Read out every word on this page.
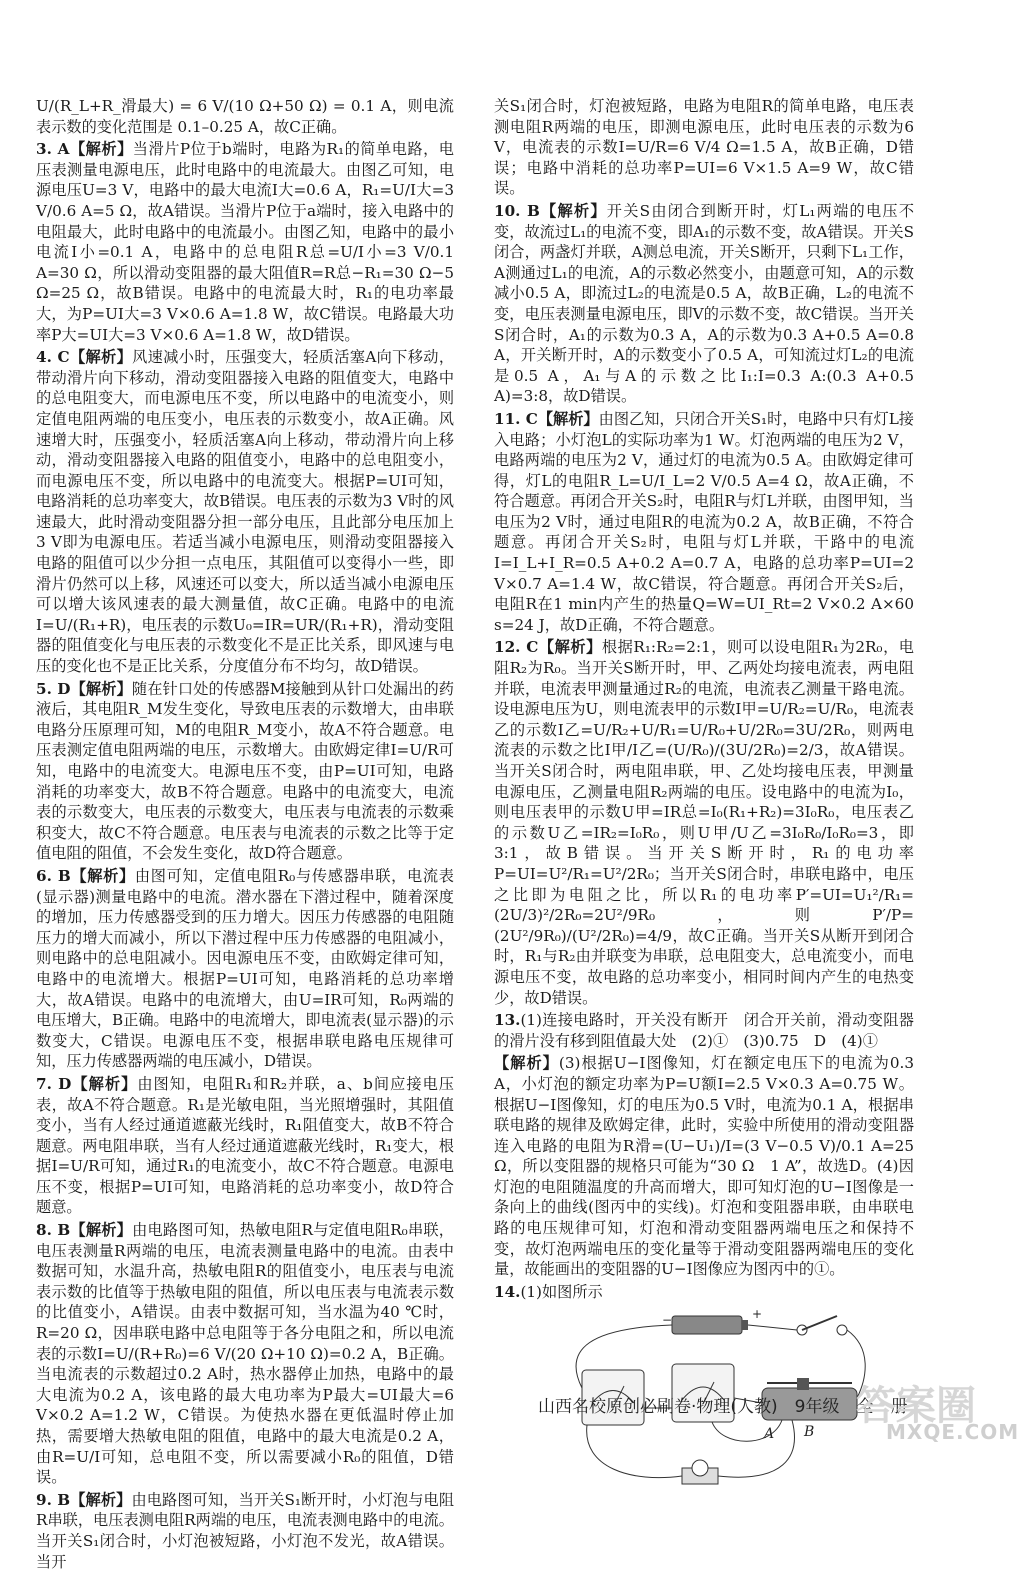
U/(R_L+R_滑最大) = 6 V/(10 Ω+50 Ω) = 0.1 A，则电流表示数的变化范围是 0.1–0.25 A，故C正确。

3. A【解析】当滑片P位于b端时，电路为R₁的简单电路，电压表测量电源电压，此时电路中的电流最大。由图乙可知，电源电压U=3 V，电路中的最大电流I大=0.6 A，R₁=U/I大=3 V/0.6 A=5 Ω，故A错误。当滑片P位于a端时，接入电路中的电阻最大，此时电路中的电流最小。由图乙知，电路中的最小电流I小=0.1 A，电路中的总电阻R总=U/I小=3 V/0.1 A=30 Ω，所以滑动变阻器的最大阻值R=R总−R₁=30 Ω−5 Ω=25 Ω，故B错误。电路中的电流最大时，R₁的电功率最大，为P=UI大=3 V×0.6 A=1.8 W，故C错误。电路最大功率P大=UI大=3 V×0.6 A=1.8 W，故D错误。

4. C【解析】风速减小时，压强变大，轻质活塞A向下移动，带动滑片向下移动，滑动变阻器接入电路的阻值变大，电路中的总电阻变大，而电源电压不变，所以电路中的电流变小，则定值电阻两端的电压变小，电压表的示数变小，故A正确。风速增大时，压强变小，轻质活塞A向上移动，带动滑片向上移动，滑动变阻器接入电路的阻值变小，电路中的总电阻变小，而电源电压不变，所以电路中的电流变大。根据P=UI可知，电路消耗的总功率变大，故B错误。电压表的示数为3 V时的风速最大，此时滑动变阻器分担一部分电压，且此部分电压加上3 V即为电源电压。若适当减小电源电压，则滑动变阻器接入电路的阻值可以少分担一点电压，其阻值可以变得小一些，即滑片仍然可以上移，风速还可以变大，所以适当减小电源电压可以增大该风速表的最大测量值，故C正确。电路中的电流I=U/(R₁+R)，电压表的示数U₀=IR=UR/(R₁+R)，滑动变阻器的阻值变化与电压表的示数变化不是正比关系，即风速与电压的变化也不是正比关系，分度值分布不均匀，故D错误。

5. D【解析】随在针口处的传感器M接触到从针口处漏出的药液后，其电阻R_M发生变化，导致电压表的示数增大，由串联电路分压原理可知，M的电阻R_M变小，故A不符合题意。电压表测定值电阻两端的电压，示数增大。由欧姆定律I=U/R可知，电路中的电流变大。电源电压不变，由P=UI可知，电路消耗的功率变大，故B不符合题意。电路中的电流变大，电流表的示数变大，电压表的示数变大，电压表与电流表的示数乘积变大，故C不符合题意。电压表与电流表的示数之比等于定值电阻的阻值，不会发生变化，故D符合题意。

6. B【解析】由图可知，定值电阻R₀与传感器串联，电流表(显示器)测量电路中的电流。潜水器在下潜过程中，随着深度的增加，压力传感器受到的压力增大。因压力传感器的电阻随压力的增大而减小，所以下潜过程中压力传感器的电阻减小，则电路中的总电阻减小。因电源电压不变，由欧姆定律可知，电路中的电流增大。根据P=UI可知，电路消耗的总功率增大，故A错误。电路中的电流增大，由U=IR可知，R₀两端的电压增大，B正确。电路中的电流增大，即电流表(显示器)的示数变大，C错误。电源电压不变，根据串联电路电压规律可知，压力传感器两端的电压减小，D错误。

7. D【解析】由图知，电阻R₁和R₂并联，a、b间应接电压表，故A不符合题意。R₁是光敏电阻，当光照增强时，其阻值变小，当有人经过通道遮蔽光线时，R₁阻值变大，故B不符合题意。两电阻串联，当有人经过通道遮蔽光线时，R₁变大，根据I=U/R可知，通过R₁的电流变小，故C不符合题意。电源电压不变，根据P=UI可知，电路消耗的总功率变小，故D符合题意。

8. B【解析】由电路图可知，热敏电阻R与定值电阻R₀串联，电压表测量R两端的电压，电流表测量电路中的电流。由表中数据可知，水温升高，热敏电阻R的阻值变小，电压表与电流表示数的比值等于热敏电阻的阻值，所以电压表与电流表示数的比值变小，A错误。由表中数据可知，当水温为40 ℃时，R=20 Ω，因串联电路中总电阻等于各分电阻之和，所以电流表的示数I=U/(R+R₀)=6 V/(20 Ω+10 Ω)=0.2 A，B正确。当电流表的示数超过0.2 A时，热水器停止加热，电路中的最大电流为0.2 A，该电路的最大电功率为P最大=UI最大=6 V×0.2 A=1.2 W，C错误。为使热水器在更低温时停止加热，需要增大热敏电阻的阻值，电路中的最大电流是0.2 A，由R=U/I可知，总电阻不变，所以需要减小R₀的阻值，D错误。

9. B【解析】由电路图可知，当开关S₁断开时，小灯泡与电阻R串联，电压表测电阻R两端的电压，电流表测电路中的电流。当开关S₁闭合时，小灯泡被短路，小灯泡不发光，故A错误。当开

关S₁闭合时，灯泡被短路，电路为电阻R的简单电路，电压表测电阻R两端的电压，即测电源电压，此时电压表的示数为6 V，电流表的示数I=U/R=6 V/4 Ω=1.5 A，故B正确，D错误；电路中消耗的总功率P=UI=6 V×1.5 A=9 W，故C错误。

10. B【解析】开关S由闭合到断开时，灯L₁两端的电压不变，故流过L₁的电流不变，即A₁的示数不变，故A错误。开关S闭合，两盏灯并联，A测总电流，开关S断开，只剩下L₁工作，A测通过L₁的电流，A的示数必然变小，由题意可知，A的示数减小0.5 A，即流过L₂的电流是0.5 A，故B正确，L₂的电流不变，电压表测量电源电压，即V的示数不变，故C错误。当开关S闭合时，A₁的示数为0.3 A，A的示数为0.3 A+0.5 A=0.8 A，开关断开时，A的示数变小了0.5 A，可知流过灯L₂的电流是0.5 A，A₁与A的示数之比I₁:I=0.3 A:(0.3 A+0.5 A)=3:8，故D错误。

11. C【解析】由图乙知，只闭合开关S₁时，电路中只有灯L接入电路；小灯泡L的实际功率为1 W。灯泡两端的电压为2 V，电路两端的电压为2 V，通过灯的电流为0.5 A。由欧姆定律可得，灯L的电阻R_L=U/I_L=2 V/0.5 A=4 Ω，故A正确，不符合题意。再闭合开关S₂时，电阻R与灯L并联，由图甲知，当电压为2 V时，通过电阻R的电流为0.2 A，故B正确，不符合题意。再闭合开关S₂时，电阻与灯L并联，干路中的电流I=I_L+I_R=0.5 A+0.2 A=0.7 A，电路的总功率P=UI=2 V×0.7 A=1.4 W，故C错误，符合题意。再闭合开关S₂后，电阻R在1 min内产生的热量Q=W=UI_Rt=2 V×0.2 A×60 s=24 J，故D正确，不符合题意。

12. C【解析】根据R₁:R₂=2:1，则可以设电阻R₁为2R₀，电阻R₂为R₀。当开关S断开时，甲、乙两处均接电流表，两电阻并联，电流表甲测量通过R₂的电流，电流表乙测量干路电流。设电源电压为U，则电流表甲的示数I甲=U/R₂=U/R₀，电流表乙的示数I乙=U/R₂+U/R₁=U/R₀+U/2R₀=3U/2R₀，则两电流表的示数之比I甲/I乙=(U/R₀)/(3U/2R₀)=2/3，故A错误。当开关S闭合时，两电阻串联，甲、乙处均接电压表，甲测量电源电压，乙测量电阻R₂两端的电压。设电路中的电流为I₀，则电压表甲的示数U甲=IR总=I₀(R₁+R₂)=3I₀R₀，电压表乙的示数U乙=IR₂=I₀R₀，则U甲/U乙=3I₀R₀/I₀R₀=3，即3:1，故B错误。当开关S断开时，R₁的电功率P=UI=U²/R₁=U²/2R₀；当开关S闭合时，串联电路中，电压之比即为电阻之比，所以R₁的电功率P′=UI=U₁²/R₁=(2U/3)²/2R₀=2U²/9R₀，则P′/P=(2U²/9R₀)/(U²/2R₀)=4/9，故C正确。当开关S从断开到闭合时，R₁与R₂由并联变为串联，总电阻变大，总电流变小，而电源电压不变，故电路的总功率变小，相同时间内产生的电热变少，故D错误。

13.(1)连接电路时，开关没有断开　闭合开关前，滑动变阻器的滑片没有移到阻值最大处　(2)①　(3)0.75　D　(4)①

【解析】(3)根据U−I图像知，灯在额定电压下的电流为0.3 A，小灯泡的额定功率为P=U额I=2.5 V×0.3 A=0.75 W。根据U−I图像知，灯的电压为0.5 V时，电流为0.1 A，根据串联电路的规律及欧姆定律，此时，实验中所使用的滑动变阻器连入电路的电阻为R滑=(U−U₁)/I=(3 V−0.5 V)/0.1 A=25 Ω，所以变阻器的规格只可能为“30 Ω　1 A”，故选D。(4)因灯泡的电阻随温度的升高而增大，即可知灯泡的U−I图像是一条向上的曲线(图丙中的实线)。灯泡和变阻器串联，由串联电路的电压规律可知，灯泡和滑动变阻器两端电压之和保持不变，故灯泡两端电压的变化量等于滑动变阻器两端电压的变化量，故能画出的变阻器的U−I图像应为图丙中的①。

14.(1)如图所示

−	+
A B
山西名校原创必刷卷·物理(人教)　9年级　全一册
答案圈
MXQE.COM
